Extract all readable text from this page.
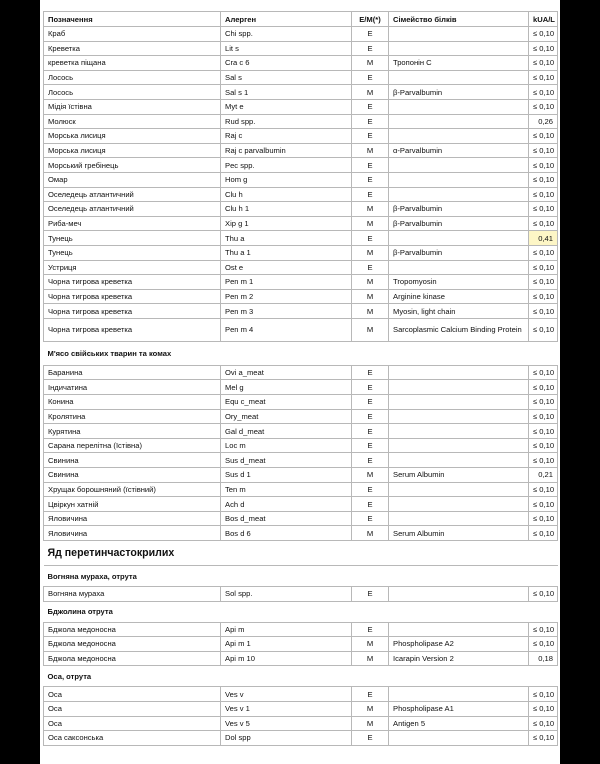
Позначення	Алерген	E/M(*)	Сімейство білків	kUA/L
Краб	Chi spp.	E		≤ 0,10
Креветка	Lit s	E		≤ 0,10
креветка піщана	Cra c 6	M	Тропонін С	≤ 0,10
Лосось	Sal s	E		≤ 0,10
Лосось	Sal s 1	M	β-Parvalbumin	≤ 0,10
Мідія їстівна	Myt e	E		≤ 0,10
Молюск	Rud spp.	E		0,26
Морська лисиця	Raj c	E		≤ 0,10
Морська лисиця	Raj c parvalbumin	M	α-Parvalbumin	≤ 0,10
Морський гребінець	Pec spp.	E		≤ 0,10
Омар	Hom g	E		≤ 0,10
Оселедець атлантичний	Clu h	E		≤ 0,10
Оселедець атлантичний	Clu h 1	M	β-Parvalbumin	≤ 0,10
Риба-меч	Xip g 1	M	β-Parvalbumin	≤ 0,10
Тунець	Thu a	E		0,41
Тунець	Thu a 1	M	β-Parvalbumin	≤ 0,10
Устриця	Ost e	E		≤ 0,10
Чорна тигрова креветка	Pen m 1	M	Tropomyosin	≤ 0,10
Чорна тигрова креветка	Pen m 2	M	Arginine kinase	≤ 0,10
Чорна тигрова креветка	Pen m 3	M	Myosin, light chain	≤ 0,10
Чорна тигрова креветка	Pen m 4	M	Sarcoplasmic Calcium Binding Protein	≤ 0,10
М'ясо свійських тварин та комах				
Баранина	Ovi a_meat	E		≤ 0,10
Індичатина	Mel g	E		≤ 0,10
Конина	Equ c_meat	E		≤ 0,10
Кролятина	Ory_meat	E		≤ 0,10
Курятина	Gal d_meat	E		≤ 0,10
Сарана перелітна (їстівна)	Loc m	E		≤ 0,10
Свинина	Sus d_meat	E		≤ 0,10
Свинина	Sus d 1	M	Serum Albumin	0,21
Хрущак борошняний (їстівний)	Ten m	E		≤ 0,10
Цвіркун хатній	Ach d	E		≤ 0,10
Яловичина	Bos d_meat	E		≤ 0,10
Яловичина	Bos d 6	M	Serum Albumin	≤ 0,10
Яд перетинчастокрилих				
Вогняна мураха, отрута				
Вогняна мураха	Sol spp.	E		≤ 0,10
Бджолина отрута				
Бджола медоносна	Api m	E		≤ 0,10
Бджола медоносна	Api m 1	M	Phospholipase A2	≤ 0,10
Бджола медоносна	Api m 10	M	Icarapin Version 2	0,18
Оса, отрута				
Оса	Ves v	E		≤ 0,10
Оса	Ves v 1	M	Phospholipase A1	≤ 0,10
Оса	Ves v 5	M	Antigen 5	≤ 0,10
Оса саксонська	Dol spp	E		≤ 0,10
